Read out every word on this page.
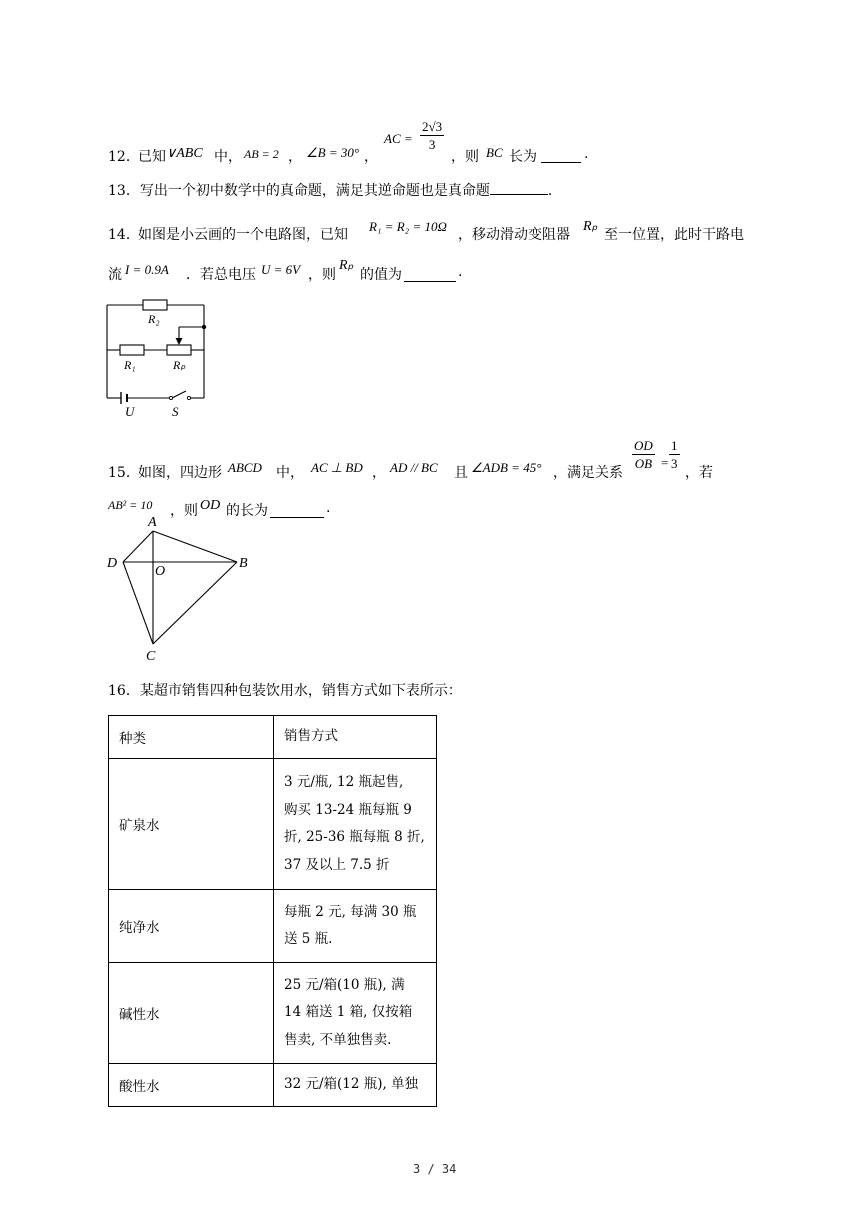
12．
已知 ∨ABC 中， AB = 2 ， ∠B = 30° ，
AC = $\frac{2√3}{3}$
，则 BC 长为	.
13．写出一个初中数学中的真命题，满足其逆命题也是真命题	.
14．
如图是小云画的一个电路图，已知
R₁ = R₂ = 10Ω
，移动滑动变阻器
Rₚ
至一位置，此时干路电
流 I = 0.9A ．若总电压 U = 6V ，则
Rₚ
的值为	.
R₂
R₁	Rₚ
U	S
15．
如图，四边形 ABCD 中， AC ⊥ BD ， AD // BC 且 ∠ADB = 45° ，满足关系
$\frac{OD}{OB} = \frac{1}{3}$
，若
AB² = 10 ，则 OD 的长为	.
A
D	B
O
C
16．某超市销售四种包装饮用水，销售方式如下表所示：
种类	销售方式
矿泉水	3 元/瓶, 12 瓶起售,
购买 13-24 瓶每瓶 9
折, 25-36 瓶每瓶 8 折,
37 及以上 7.5 折

纯净水	每瓶 2 元, 每满 30 瓶
送 5 瓶.

碱性水	25 元/箱(10 瓶), 满
14 箱送 1 箱, 仅按箱
售卖, 不单独售卖.

酸性水	32 元/箱(12 瓶), 单独
3 / 34
